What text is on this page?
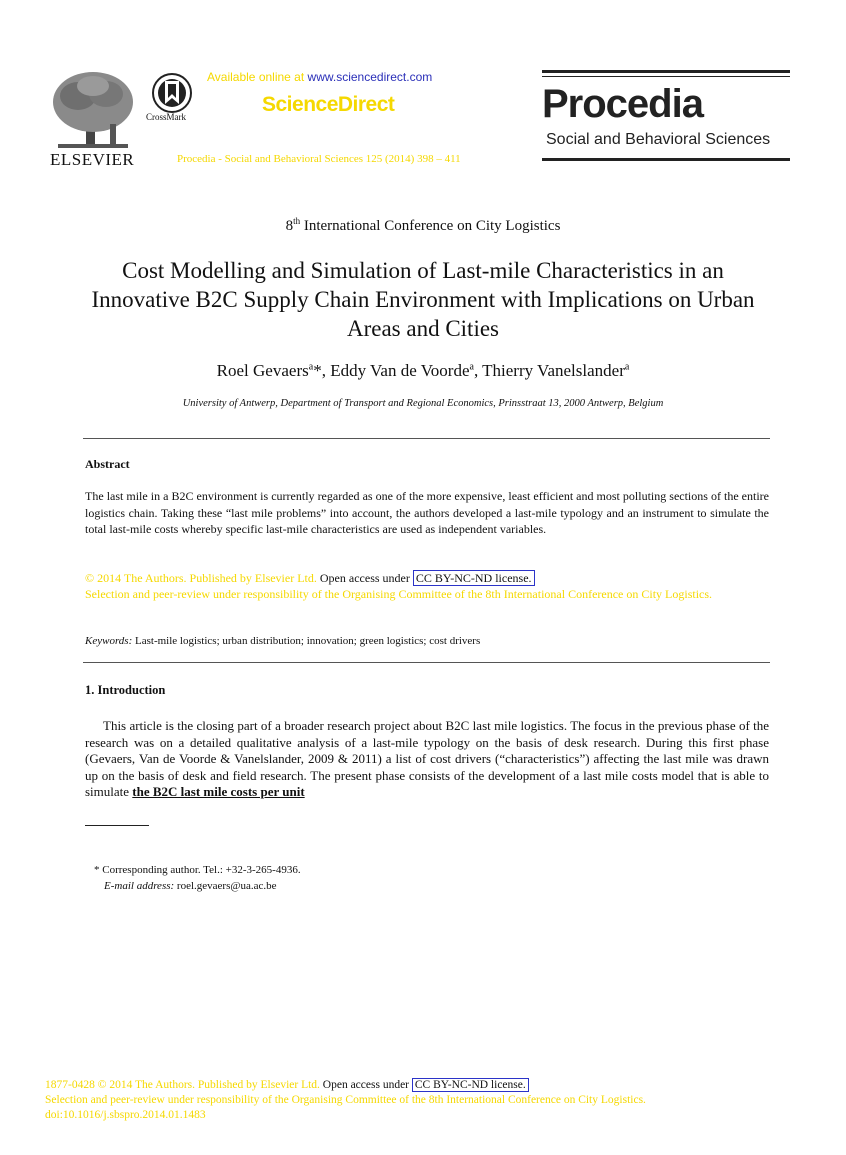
ELSEVIER
CrossMark
Available online at www.sciencedirect.com
ScienceDirect
Procedia - Social and Behavioral Sciences 125 (2014) 398 – 411
Procedia
Social and Behavioral Sciences
8th International Conference on City Logistics
Cost Modelling and Simulation of Last-mile Characteristics in an Innovative B2C Supply Chain Environment with Implications on Urban Areas and Cities
Roel Gevaers$^a$*, Eddy Van de Voorde$^a$, Thierry Vanelslander$^a$
University of Antwerp, Department of Transport and Regional Economics, Prinsstraat 13, 2000 Antwerp, Belgium
Abstract
The last mile in a B2C environment is currently regarded as one of the more expensive, least efficient and most polluting sections of the entire logistics chain. Taking these “last mile problems” into account, the authors developed a last-mile typology and an instrument to simulate the total last-mile costs whereby specific last-mile characteristics are used as independent variables.
© 2014 The Authors. Published by Elsevier Ltd. Open access under CC BY-NC-ND license.
Selection and peer-review under responsibility of the Organising Committee of the 8th International Conference on City Logistics.
Keywords: Last-mile logistics; urban distribution; innovation; green logistics; cost drivers
1. Introduction
This article is the closing part of a broader research project about B2C last mile logistics. The focus in the previous phase of the research was on a detailed qualitative analysis of a last-mile typology on the basis of desk research. During this first phase (Gevaers, Van de Voorde & Vanelslander, 2009 & 2011) a list of cost drivers (“characteristics”) affecting the last mile was drawn up on the basis of desk and field research. The present phase consists of the development of a last mile costs model that is able to simulate the B2C last mile costs per unit
* Corresponding author. Tel.: +32-3-265-4936.
E-mail address: roel.gevaers@ua.ac.be
1877-0428 © 2014 The Authors. Published by Elsevier Ltd. Open access under CC BY-NC-ND license.
Selection and peer-review under responsibility of the Organising Committee of the 8th International Conference on City Logistics.
doi:10.1016/j.sbspro.2014.01.1483
